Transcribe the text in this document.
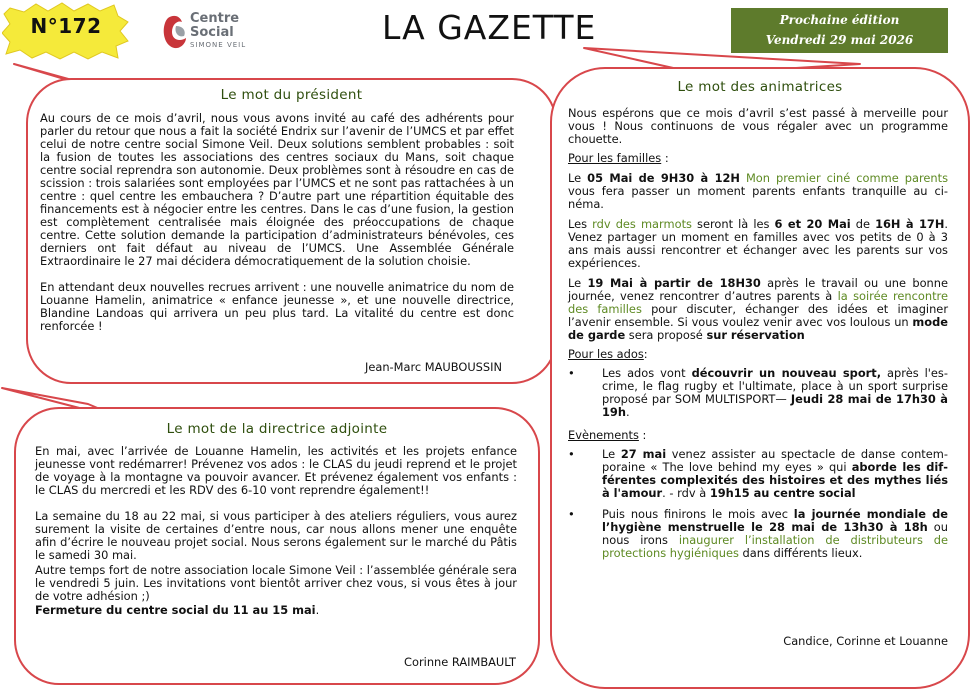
N°172	Centre
Social
SIMONE VEIL	LA GAZETTE	Prochaine édition
Vendredi 29 mai 2026
Le mot du président

Au cours de ce mois d’avril, nous vous avons invité au café des adhérents pour parler du retour que nous a fait la société Endrix sur l’avenir de l’UMCS et par effet celui de notre centre social Simone Veil. Deux solutions semblent probables : soit la fusion de toutes les associations des centres sociaux du Mans, soit chaque centre social reprendra son autonomie. Deux problèmes sont à résoudre en cas de scission : trois salariées sont employées par l’UMCS et ne sont pas rattachées à un centre : quel centre les embauchera ? D’autre part une répartition équitable des financements est à négocier entre les centres. Dans le cas d’une fusion, la gestion est complètement centralisée mais éloignée des préoccupations de chaque centre. Cette solution demande la participation d’administrateurs bénévoles, ces derniers ont fait défaut au niveau de l’UMCS. Une Assemblée Générale Extraordinaire le 27 mai décidera démocratiquement de la solution choisie.

En attendant deux nouvelles recrues arrivent : une nouvelle animatrice du nom de Louanne Hamelin, animatrice « enfance jeunesse », et une nouvelle directrice, Blandine Landoas qui arrivera un peu plus tard. La vitalité du centre est donc renforcée !

Jean-Marc MAUBOUSSIN
Le mot de la directrice adjointe

En mai, avec l’arrivée de Louanne Hamelin, les activités et les projets enfance jeunesse vont redémarrer! Prévenez vos ados : le CLAS du jeudi reprend et le projet de voyage à la montagne va pouvoir avancer. Et prévenez également vos enfants : le CLAS du mercredi et les RDV des 6-10 vont reprendre également!!

La semaine du 18 au 22 mai, si vous participer à des ateliers réguliers, vous aurez surement la visite de certaines d’entre nous, car nous allons mener une enquête afin d’écrire le nouveau projet social. Nous serons également sur le marché du Pâtis le samedi 30 mai.

Autre temps fort de notre association locale Simone Veil : l’assemblée générale sera le vendredi 5 juin. Les invitations vont bientôt arriver chez vous, si vous êtes à jour de votre adhésion ;)

Fermeture du centre social du 11 au 15 mai.

Corinne RAIMBAULT
Le mot des animatrices

Nous espérons que ce mois d’avril s’est passé à merveille pour vous ! Nous continuons de vous régaler avec un programme chouette.

Pour les familles :

Le 05 Mai de 9H30 à 12H Mon premier ciné comme parents vous fera passer un moment parents enfants tranquille au cinéma.

Les rdv des marmots seront là les 6 et 20 Mai de 16H à 17H. Venez partager un moment en familles avec vos petits de 0 à 3 ans mais aussi rencontrer et échanger avec les parents sur vos expériences.

Le 19 Mai à partir de 18H30 après le travail ou une bonne journée, venez rencontrer d’autres parents à la soirée rencontre des familles pour discuter, échanger des idées et imaginer l’avenir ensemble. Si vous voulez venir avec vos loulous un mode de garde sera proposé sur réservation

Pour les ados:

• Les ados vont découvrir un nouveau sport, après l'escrime, le flag rugby et l'ultimate, place à un sport surprise proposé par SOM MULTISPORT— Jeudi 28 mai de 17h30 à 19h.

Evènements :

• Le 27 mai venez assister au spectacle de danse contemporaine « The love behind my eyes » qui aborde les différentes complexités des histoires et des mythes liés à l'amour. - rdv à 19h15 au centre social
• Puis nous finirons le mois avec la journée mondiale de l’hygiène menstruelle le 28 mai de 13h30 à 18h ou nous irons inaugurer l’installation de distributeurs de protections hygiéniques dans différents lieux.
Candice, Corinne et Louanne
